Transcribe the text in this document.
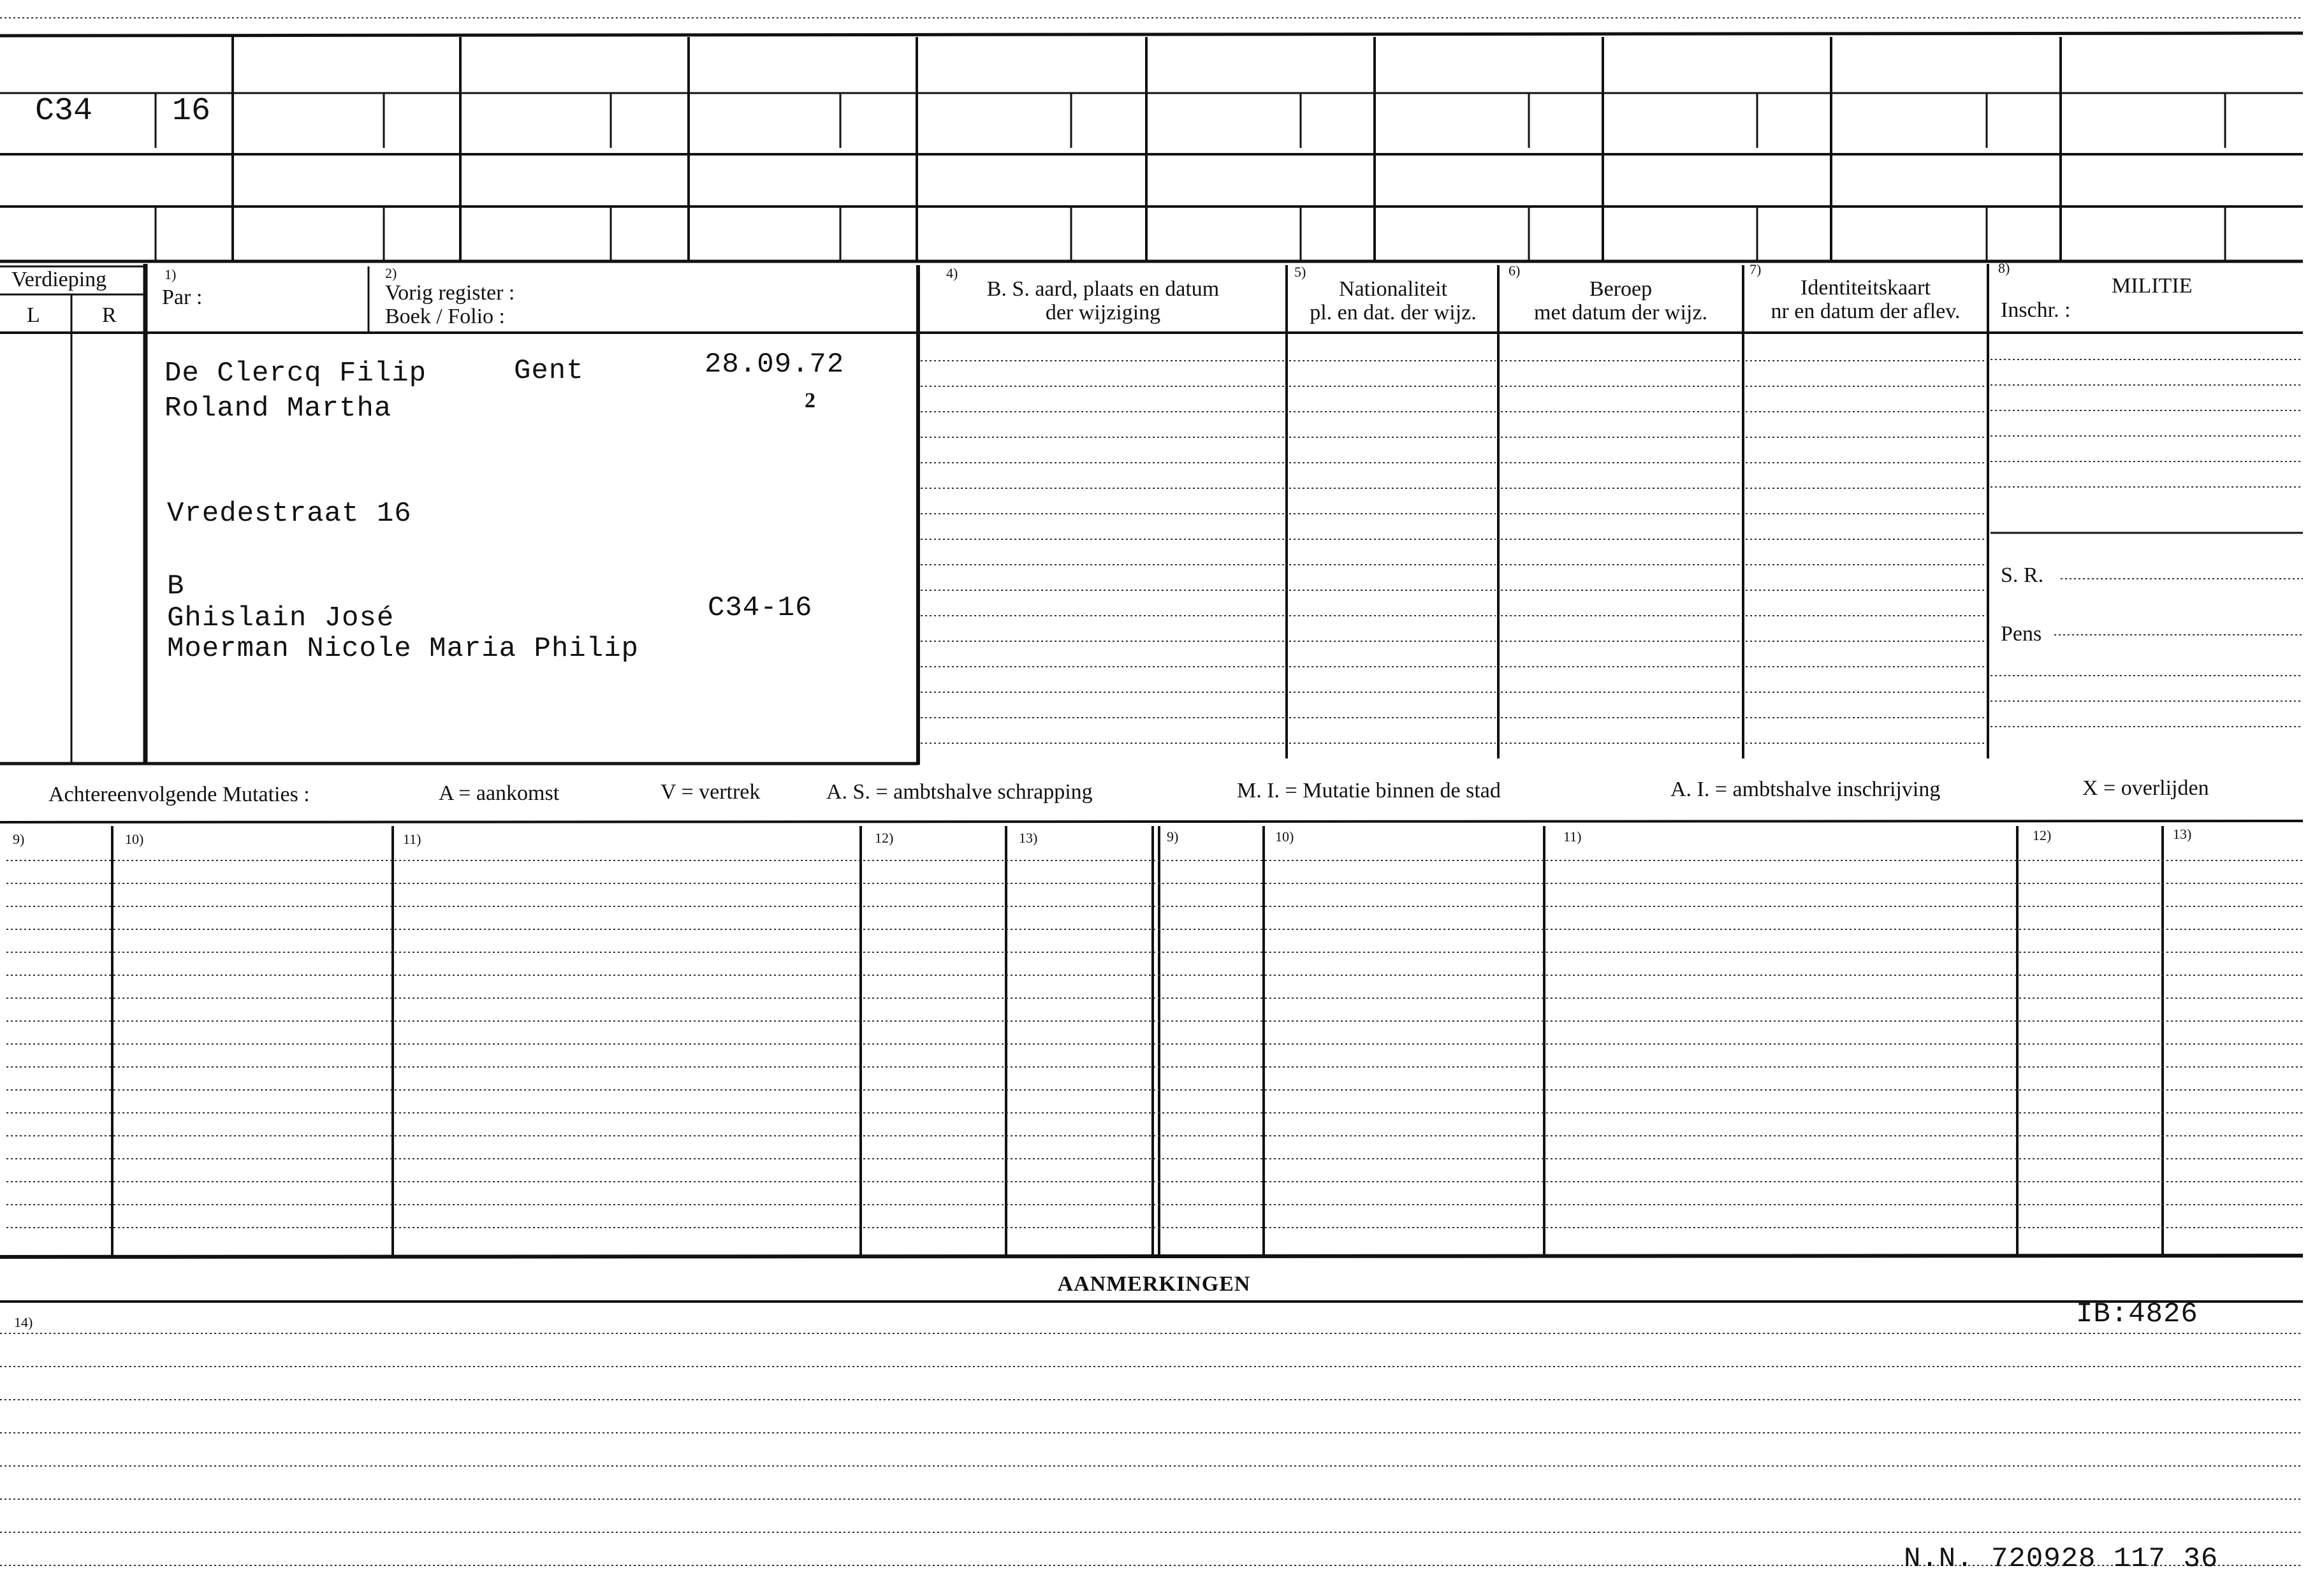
C34 16
Verdieping
L	R
1)
Par :
2)
Vorig register :
Boek / Folio :
4)
B. S. aard, plaats en datum
der wijziging
5)
Nationaliteit
pl. en dat. der wijz.
6)
Beroep
met datum der wijz.
7)
Identiteitskaart
nr en datum der aflev.
8)
MILITIE
Inschr. :
De Clercq Filip	Gent	28.09.72
Roland Martha	2
Vredestraat 16
B
Ghislain José	C34-16
Moerman Nicole Maria Philip
S. R.
Pens
Achtereenvolgende Mutaties :	A = aankomst	V = vertrek	A. S. = ambtshalve schrapping	M. I. = Mutatie binnen de stad	A. I. = ambtshalve inschrijving	X = overlijden
9)	10)	11)	12)	13)	9)	10)	11)	12)	13)
AANMERKINGEN
14)	IB:4826
N.N. 720928 117 36
